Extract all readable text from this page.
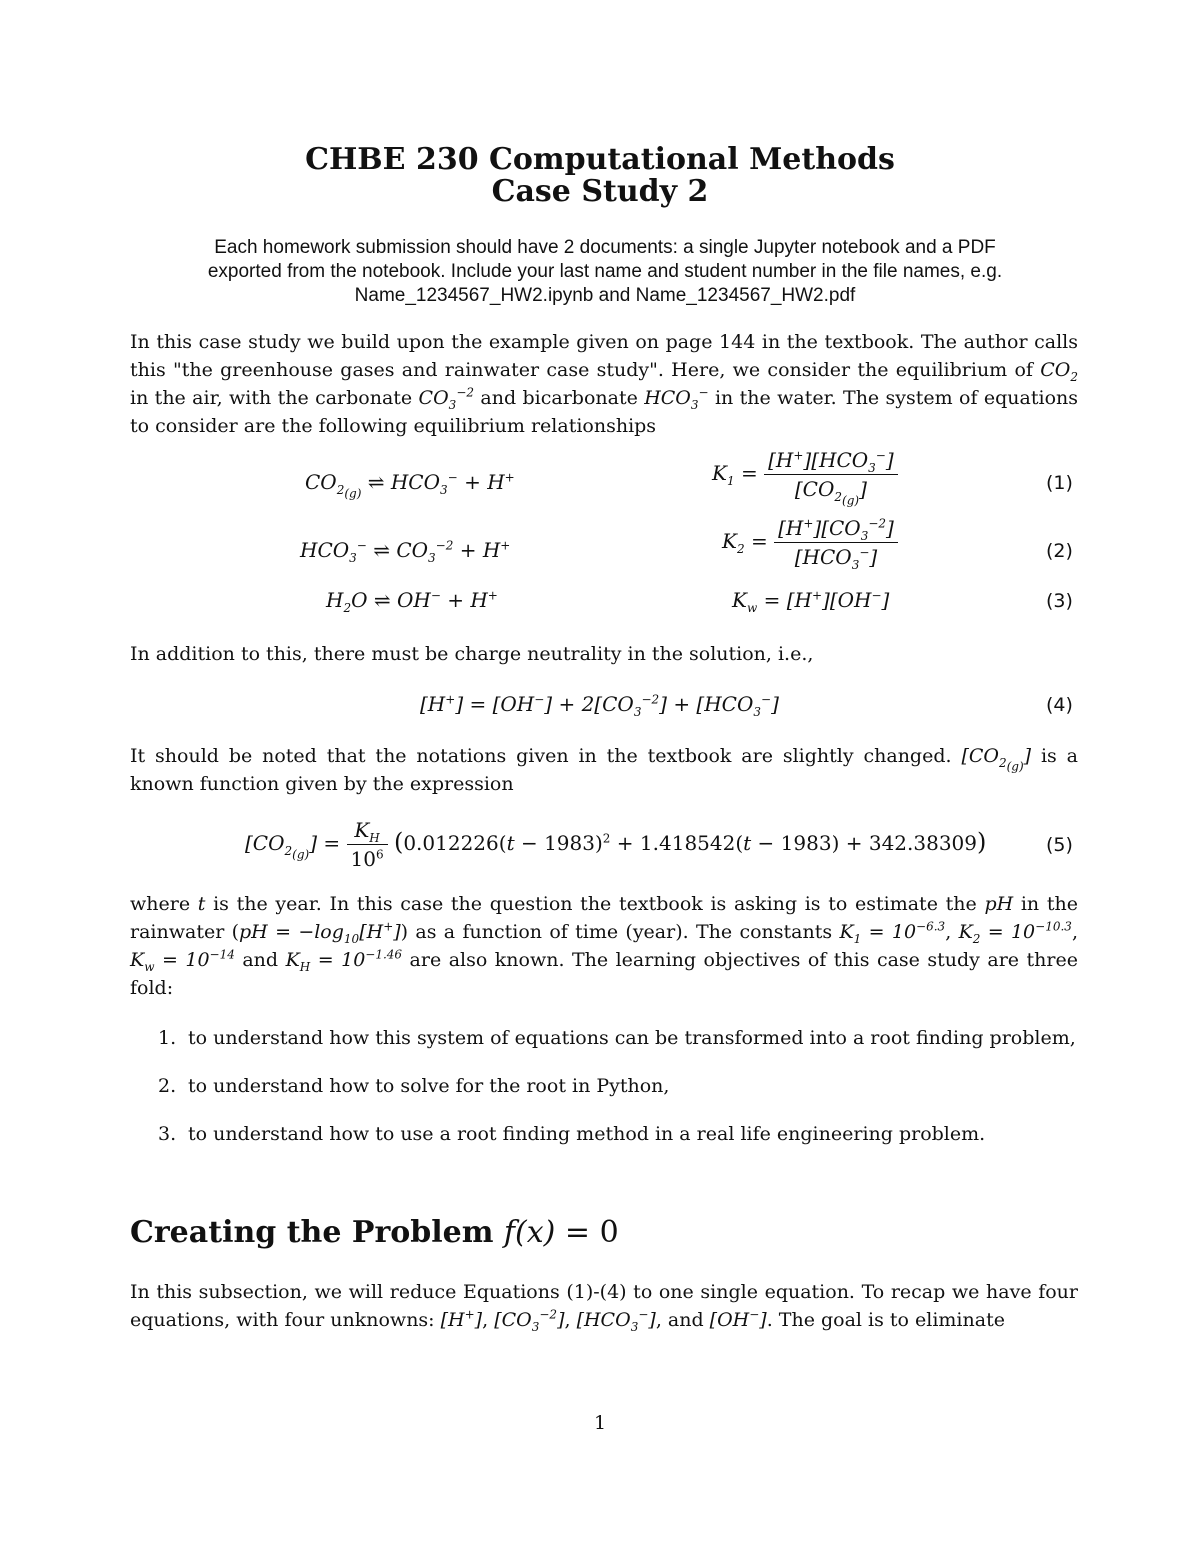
CHBE 230 Computational Methods
Case Study 2
Each homework submission should have 2 documents: a single Jupyter notebook and a PDF
exported from the notebook. Include your last name and student number in the file names, e.g.
Name_1234567_HW2.ipynb and Name_1234567_HW2.pdf
In this case study we build upon the example given on page 144 in the textbook. The author calls this "the greenhouse gases and rainwater case study". Here, we consider the equilibrium of $CO_2$ in the air, with the carbonate $CO_3^{-2}$ and bicarbonate $HCO_3^-$ in the water. The system of equations to consider are the following equilibrium relationships
$CO_{2_{(g)}}$ ⇌ $HCO_3^- + H^+$	$K_1 = \frac{[H^+][HCO_3^-]}{[CO_{2_{(g)}}]}$	(1)
$HCO_3^-$ ⇌ $CO_3^{-2} + H^+$	$K_2 = \frac{[H^+][CO_3^{-2}]}{[HCO_3^-]}$	(2)
$H_2O$ ⇌ OH− + H+	$K_w = [H^+][OH^-]$	(3)
In addition to this, there must be charge neutrality in the solution, i.e.,
$[H^+] = [OH^-] + 2[CO_3^{-2}] + [HCO_3^-]$	(4)
It should be noted that the notations given in the textbook are slightly changed. $[CO_{2_{(g)}}]$ is a known function given by the expression
$[CO_{2_{(g)}}] = \frac{K_H}{10^6} (0.012226(t - 1983)^2 + 1.418542(t - 1983) + 342.38309)$	(5)
where t is the year. In this case the question the textbook is asking is to estimate the pH in the rainwater $(pH = -\log_{10}[H^+])$ as a function of time (year). The constants $K_1 = 10^{-6.3}$, $K_2 = 10^{-10.3}$, $K_w = 10^{-14}$ and $K_H = 10^{-1.46}$ are also known. The learning objectives of this case study are three fold:
1. to understand how this system of equations can be transformed into a root finding problem,
2. to understand how to solve for the root in Python,
3. to understand how to use a root finding method in a real life engineering problem.
Creating the Problem f(x) = 0
In this subsection, we will reduce Equations (1)-(4) to one single equation. To recap we have four equations, with four unknowns: [H+], $[CO_3^{-2}]$, $[HCO_3^-]$, and [OH−]. The goal is to eliminate
1
